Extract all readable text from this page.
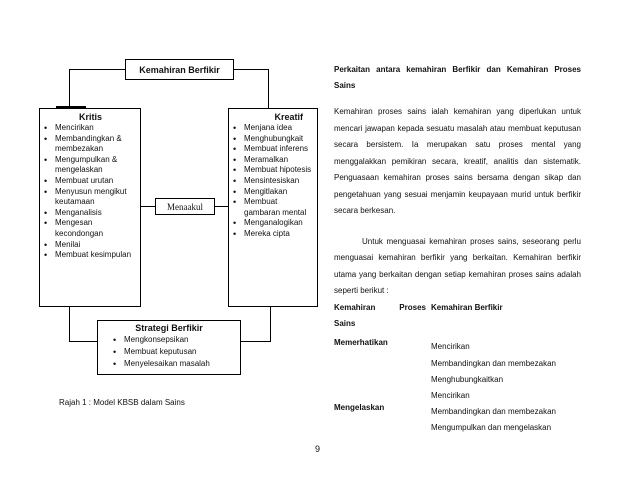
Kemahiran Berfikir
Kritis
• Mencirikan
• Membandingkan & membezakan
• Mengumpulkan & mengelaskan
• Membuat urutan
• Menyusun mengikut keutamaan
• Menganalisis
• Mengesan kecondongan
• Menilai
• Membuat kesimpulan
Kreatif
• Menjana idea
• Menghubungkait
• Membuat inferens
• Meramalkan
• Membuat hipotesis
• Mensintesiskan
• Mengitlakan
• Membuat gambaran mental
• Menganalogikan
• Mereka cipta
Menaakul
Strategi Berfikir
• Mengkonsepsikan
• Membuat keputusan
• Menyelesaikan masalah
Rajah 1 : Model KBSB dalam Sains
Perkaitan antara kemahiran Berfikir dan Kemahiran Proses Sains
Kemahiran proses sains ialah kemahiran yang diperlukan untuk mencari jawapan kepada sesuatu masalah atau membuat keputusan secara bersistem. Ia merupakan satu proses mental yang menggalakkan pemikiran secara, kreatif, analitis dan sistematik. Penguasaan kemahiran proses sains bersama dengan sikap dan pengetahuan yang sesuai menjamin keupayaan murid untuk berfikir secara berkesan.
Untuk menguasai kemahiran proses sains, seseorang perlu menguasai kemahiran berfikir yang berkaitan. Kemahiran berfikir utama yang berkaitan dengan setiap kemahiran proses sains adalah seperti berikut :
Kemahiran Proses Sains
Kemahiran Berfikir
Memerhatikan	Mencirikan
Membandingkan dan membezakan
Menghubungkaitkan
Mengelaskan
Mencirikan
Membandingkan dan membezakan
Mengumpulkan dan mengelaskan
9
